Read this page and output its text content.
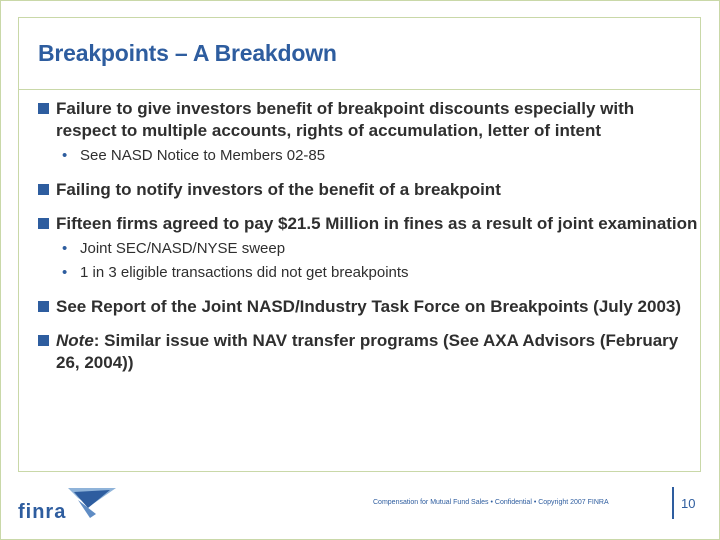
Breakpoints – A Breakdown
Failure to give investors benefit of breakpoint discounts especially with respect to multiple accounts, rights of accumulation, letter of intent
• See NASD Notice to Members 02-85
Failing to notify investors of the benefit of a breakpoint
Fifteen firms agreed to pay $21.5 Million in fines as a result of joint examination
• Joint SEC/NASD/NYSE sweep
• 1 in 3 eligible transactions did not get breakpoints
See Report of the Joint NASD/Industry Task Force on Breakpoints (July 2003)
Note: Similar issue with NAV transfer programs (See AXA Advisors (February 26, 2004))
finra	Compensation for Mutual Fund Sales • Confidential • Copyright 2007 FINRA	10
